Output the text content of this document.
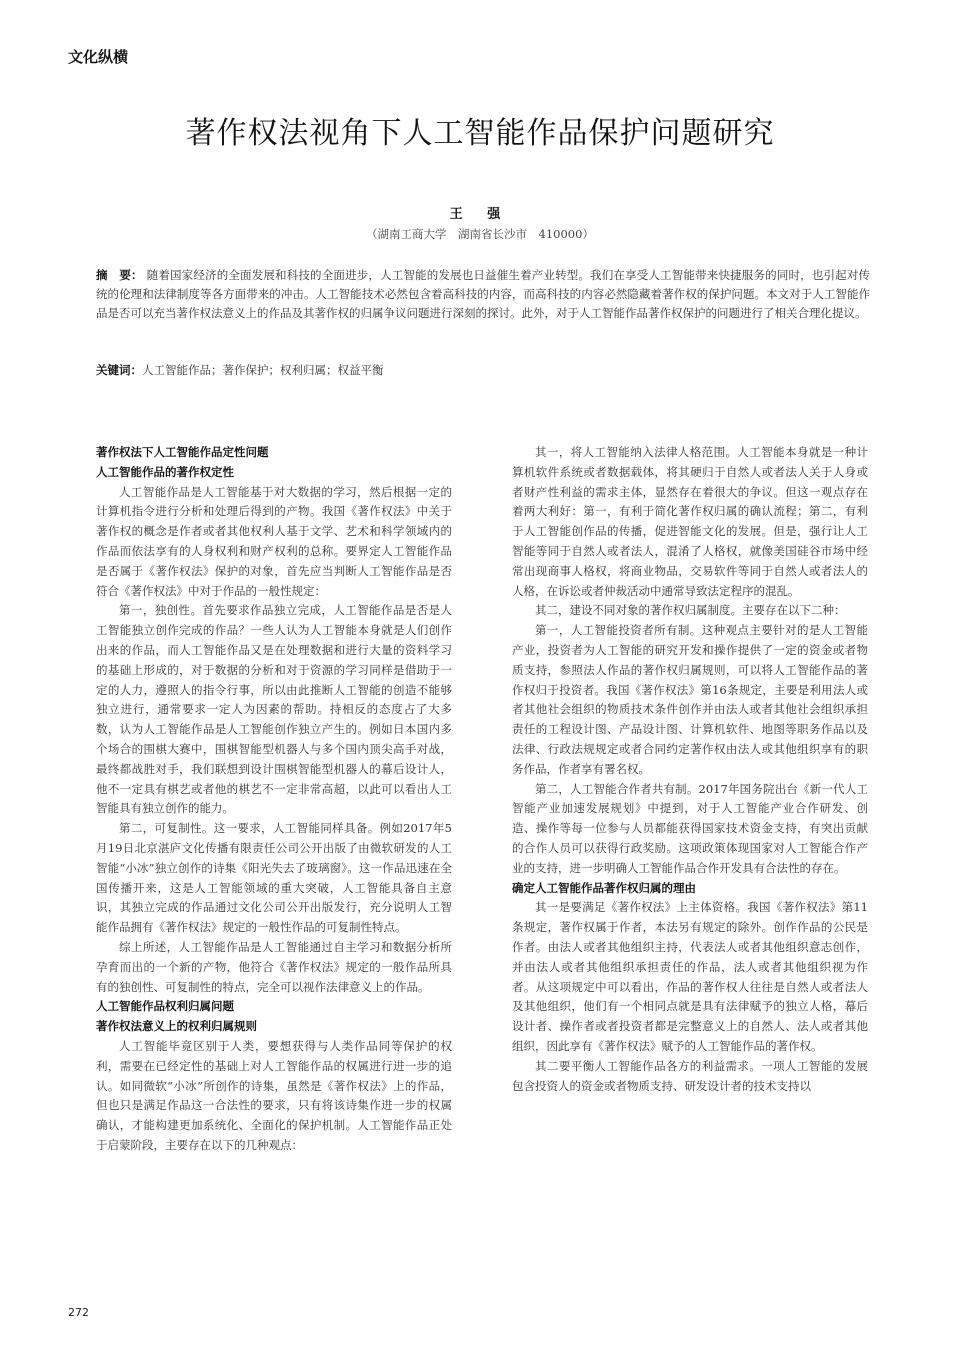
文化纵横
著作权法视角下人工智能作品保护问题研究
王 强
（湖南工商大学　湖南省长沙市　410000）
摘　要： 随着国家经济的全面发展和科技的全面进步，人工智能的发展也日益催生着产业转型。我们在享受人工智能带来快捷服务的同时，也引起对传统的伦理和法律制度等各方面带来的冲击。人工智能技术必然包含着高科技的内容，而高科技的内容必然隐藏着著作权的保护问题。本文对于人工智能作品是否可以充当著作权法意义上的作品及其著作权的归属争议问题进行深刻的探讨。此外，对于人工智能作品著作权保护的问题进行了相关合理化提议。
关键词：人工智能作品；著作保护；权利归属；权益平衡
著作权法下人工智能作品定性问题
人工智能作品的著作权定性

人工智能作品是人工智能基于对大数据的学习，然后根据一定的计算机指令进行分析和处理后得到的产物。我国《著作权法》中关于著作权的概念是作者或者其他权利人基于文学、艺术和科学领域内的作品而依法享有的人身权利和财产权利的总称。要界定人工智能作品是否属于《著作权法》保护的对象，首先应当判断人工智能作品是否符合《著作权法》中对于作品的一般性规定：

第一，独创性。首先要求作品独立完成，人工智能作品是否是人工智能独立创作完成的作品？一些人认为人工智能本身就是人们创作出来的作品，而人工智能作品又是在处理数据和进行大量的资料学习的基础上形成的，对于数据的分析和对于资源的学习同样是借助于一定的人力，遵照人的指令行事，所以由此推断人工智能的创造不能够独立进行，通常要求一定人为因素的帮助。持相反的态度占了大多数，认为人工智能作品是人工智能创作独立产生的。例如日本国内多个场合的围棋大赛中，围棋智能型机器人与多个国内顶尖高手对战，最终都战胜对手，我们联想到设计围棋智能型机器人的幕后设计人，他不一定具有棋艺或者他的棋艺不一定非常高超，以此可以看出人工智能具有独立创作的能力。

第二，可复制性。这一要求，人工智能同样具备。例如2017年5月19日北京湛庐文化传播有限责任公司公开出版了由微软研发的人工智能“小冰”独立创作的诗集《阳光失去了玻璃窗》。这一作品迅速在全国传播开来，这是人工智能领域的重大突破，人工智能具备自主意识，其独立完成的作品通过文化公司公开出版发行，充分说明人工智能作品拥有《著作权法》规定的一般性作品的可复制性特点。

综上所述，人工智能作品是人工智能通过自主学习和数据分析所孕育而出的一个新的产物，他符合《著作权法》规定的一般作品所具有的独创性、可复制性的特点，完全可以视作法律意义上的作品。

人工智能作品权利归属问题
著作权法意义上的权利归属规则

人工智能毕竟区别于人类，要想获得与人类作品同等保护的权利，需要在已经定性的基础上对人工智能作品的权属进行进一步的追认。如同微软“小冰”所创作的诗集，虽然是《著作权法》上的作品，但也只是满足作品这一合法性的要求，只有将该诗集作进一步的权属确认，才能构建更加系统化、全面化的保护机制。人工智能作品正处于启蒙阶段，主要存在以下的几种观点：

其一，将人工智能纳入法律人格范围。人工智能本身就是一种计算机软件系统或者数据载体，将其硬归于自然人或者法人关于人身或者财产性利益的需求主体，显然存在着很大的争议。但这一观点存在着两大利好：第一，有利于简化著作权归属的确认流程；第二，有利于人工智能创作品的传播，促进智能文化的发展。但是，强行让人工智能等同于自然人或者法人，混淆了人格权，就像美国硅谷市场中经常出现商事人格权，将商业物品，交易软件等同于自然人或者法人的人格，在诉讼或者仲裁活动中通常导致法定程序的混乱。

其二，建设不同对象的著作权归属制度。主要存在以下二种：

第一，人工智能投资者所有制。这种观点主要针对的是人工智能产业，投资者为人工智能的研究开发和操作提供了一定的资金或者物质支持，参照法人作品的著作权归属规则，可以将人工智能作品的著作权归于投资者。我国《著作权法》第16条规定，主要是利用法人或者其他社会组织的物质技术条件创作并由法人或者其他社会组织承担责任的工程设计图、产品设计图、计算机软件、地图等职务作品以及法律、行政法规规定或者合同约定著作权由法人或其他组织享有的职务作品，作者享有署名权。

第二，人工智能合作者共有制。2017年国务院出台《新一代人工智能产业加速发展规划》中提到，对于人工智能产业合作研发、创造、操作等每一位参与人员都能获得国家技术资金支持，有突出贡献的合作人员可以获得行政奖励。这项政策体现国家对人工智能合作产业的支持，进一步明确人工智能作品合作开发具有合法性的存在。

确定人工智能作品著作权归属的理由

其一是要满足《著作权法》上主体资格。我国《著作权法》第11条规定，著作权属于作者，本法另有规定的除外。创作作品的公民是作者。由法人或者其他组织主持，代表法人或者其他组织意志创作，并由法人或者其他组织承担责任的作品，法人或者其他组织视为作者。从这项规定中可以看出，作品的著作权人往往是自然人或者法人及其他组织，他们有一个相同点就是具有法律赋予的独立人格，幕后设计者、操作者或者投资者都是完整意义上的自然人、法人或者其他组织，因此享有《著作权法》赋予的人工智能作品的著作权。

其二要平衡人工智能作品各方的利益需求。一项人工智能的发展包含投资人的资金或者物质支持、研发设计者的技术支持以

272
